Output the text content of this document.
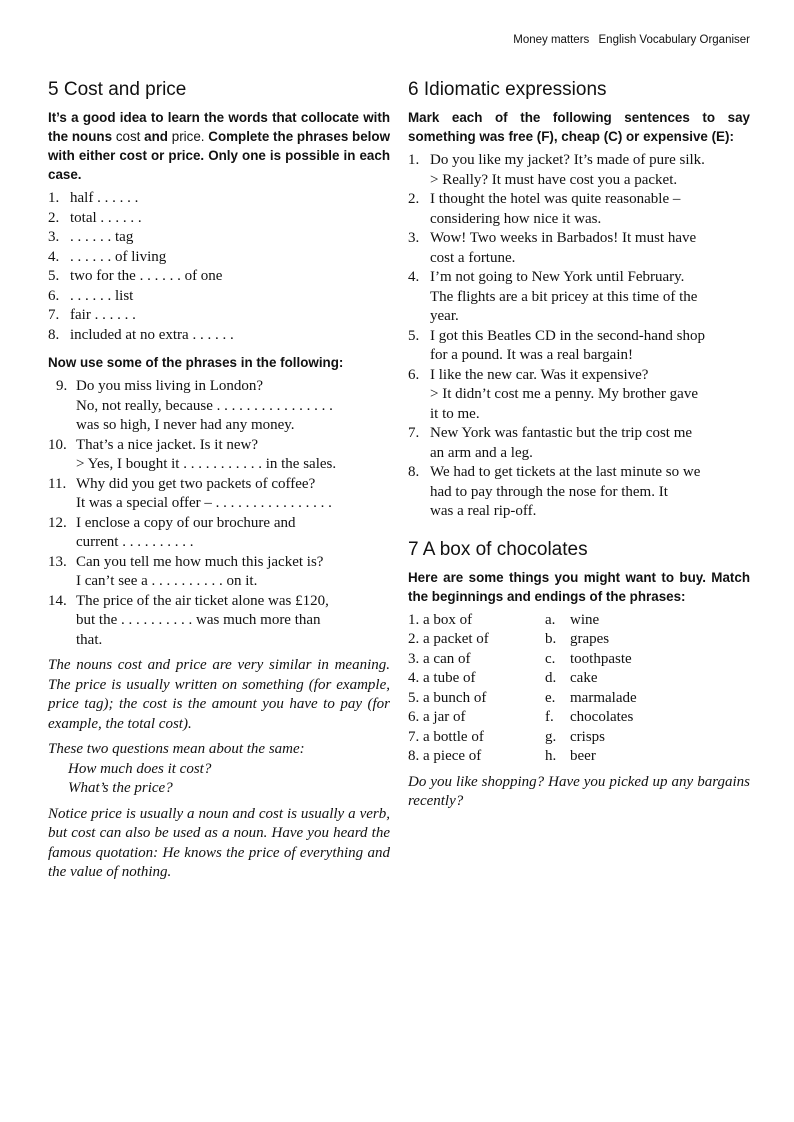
Money matters English Vocabulary Organiser
5 Cost and price

It’s a good idea to learn the words that collocate with the nouns cost and price. Complete the phrases below with either cost or price. Only one is possible in each case.

1. half . . . . . .
2. total . . . . . .
3. . . . . . . tag
4. . . . . . . of living
5. two for the . . . . . . of one
6. . . . . . . list
7. fair . . . . . .
8. included at no extra . . . . . .

Now use some of the phrases in the following:

9. Do you miss living in London?
No, not really, because . . . . . . . . . . . . . . . .
was so high, I never had any money.
10. That’s a nice jacket. Is it new?
> Yes, I bought it . . . . . . . . . . . in the sales.
11. Why did you get two packets of coffee?
It was a special offer – . . . . . . . . . . . . . . . .
12. I enclose a copy of our brochure and
current . . . . . . . . . .
13. Can you tell me how much this jacket is?
I can’t see a . . . . . . . . . . on it.
14. The price of the air ticket alone was £120,
but the . . . . . . . . . . was much more than
that.

The nouns cost and price are very similar in meaning. The price is usually written on something (for example, price tag); the cost is the amount you have to pay (for example, the total cost).

These two questions mean about the same:

How much does it cost?
What’s the price?

Notice price is usually a noun and cost is usually a verb, but cost can also be used as a noun. Have you heard the famous quotation: He knows the price of everything and the value of nothing.

6 Idiomatic expressions

Mark each of the following sentences to say something was free (F), cheap (C) or expensive (E):

1. Do you like my jacket? It’s made of pure silk.
> Really? It must have cost you a packet.
2. I thought the hotel was quite reasonable –
considering how nice it was.
3. Wow! Two weeks in Barbados! It must have
cost a fortune.
4. I’m not going to New York until February.
The flights are a bit pricey at this time of the
year.
5. I got this Beatles CD in the second-hand shop
for a pound. It was a real bargain!
6. I like the new car. Was it expensive?
> It didn’t cost me a penny. My brother gave
it to me.
7. New York was fantastic but the trip cost me
an arm and a leg.
8. We had to get tickets at the last minute so we
had to pay through the nose for them. It
was a real rip-off.
7 A box of chocolates

Here are some things you might want to buy. Match the beginnings and endings of the phrases:

1. a box of	a. wine
2. a packet of	b. grapes
3. a can of	c. toothpaste
4. a tube of	d. cake
5. a bunch of	e. marmalade
6. a jar of	f.	chocolates
7. a bottle of	g. crisps
8. a piece of	h. beer

Do you like shopping? Have you picked up any bargains recently?
